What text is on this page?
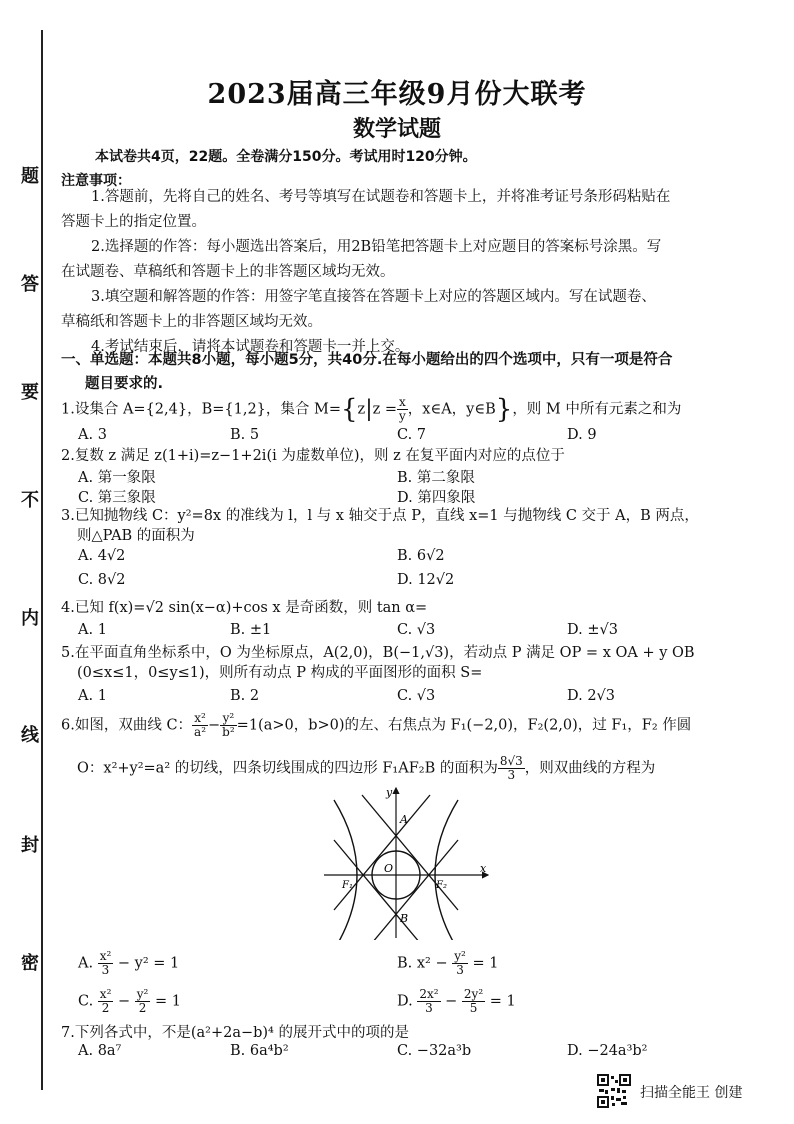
题
答
要
不
内
线
封
密
2023届高三年级9月份大联考
数学试题
本试卷共4页，22题。全卷满分150分。考试用时120分钟。
注意事项：
1.答题前，先将自己的姓名、考号等填写在试题卷和答题卡上，并将准考证号条形码粘贴在
答题卡上的指定位置。
2.选择题的作答：每小题选出答案后，用2B铅笔把答题卡上对应题目的答案标号涂黑。写
在试题卷、草稿纸和答题卡上的非答题区域均无效。
3.填空题和解答题的作答：用签字笔直接答在答题卡上对应的答题区域内。写在试题卷、
草稿纸和答题卡上的非答题区域均无效。
4.考试结束后，请将本试题卷和答题卡一并上交。
一、单选题：本题共8小题，每小题5分，共40分.在每小题给出的四个选项中，只有一项是符合
题目要求的.
1.设集合 A={2,4}，B={1,2}，集合 $M=\{z|z = \frac{x}{y}$ ，x∈A，y∈B}，则 M 中所有元素之和为
A. 3	B. 5	C. 7	D. 9
2.复数 z 满足 z(1+i)=z−1+2i(i 为虚数单位)，则 z 在复平面内对应的点位于
A. 第一象限	B. 第二象限
C. 第三象限	D. 第四象限
3.已知抛物线 C：y²=8x 的准线为 l，l 与 x 轴交于点 P，直线 x=1 与抛物线 C 交于 A，B 两点，
则△PAB 的面积为
A. 4√2	B. 6√2
C. 8√2	D. 12√2
4.已知 f(x)=√2 sin(x−α)+cos x 是奇函数，则 tan α=
A. 1	B. ±1	C. √3	D. ±√3
5.在平面直角坐标系中，O 为坐标原点，A(2,0)，B(−1,√3)，若动点 P 满足 OP = x OA + y OB
(0≤x≤1，0≤y≤1)，则所有动点 P 构成的平面图形的面积 S=
A. 1	B. 2	C. √3	D. 2√3
6.如图，双曲线 C： $\frac{\text{x²}}{\text{a²}} - \frac{\text{y²}}{\text{b²}} =1(a>0$，b>0)的左、右焦点为 F₁(−2,0)，F₂(2,0)，过 F₁，F₂ 作圆
O：x²+y²=a² 的切线，四条切线围成的四边形 F₁AF₂B 的面积为 $\frac{8√3}{3}$ ，则双曲线的方程为
y
x
A
B
O
F₁	F₂
A. $\frac{\text{x²}}{3} - y^2 = 1$	B. $x^2 - \frac{\text{y²}}{3} = 1$
C. $\frac{\text{x²}}{2} - \frac{\text{y²}}{2} = 1$	D. $\frac{\text{2x²}}{3} - \frac{\text{2y²}}{5} = 1$
7.下列各式中，不是(a²+2a−b)⁴ 的展开式中的项的是
A. 8a⁷	B. 6a⁴b²	C. −32a³b	D. −24a³b²
扫描全能王 创建
